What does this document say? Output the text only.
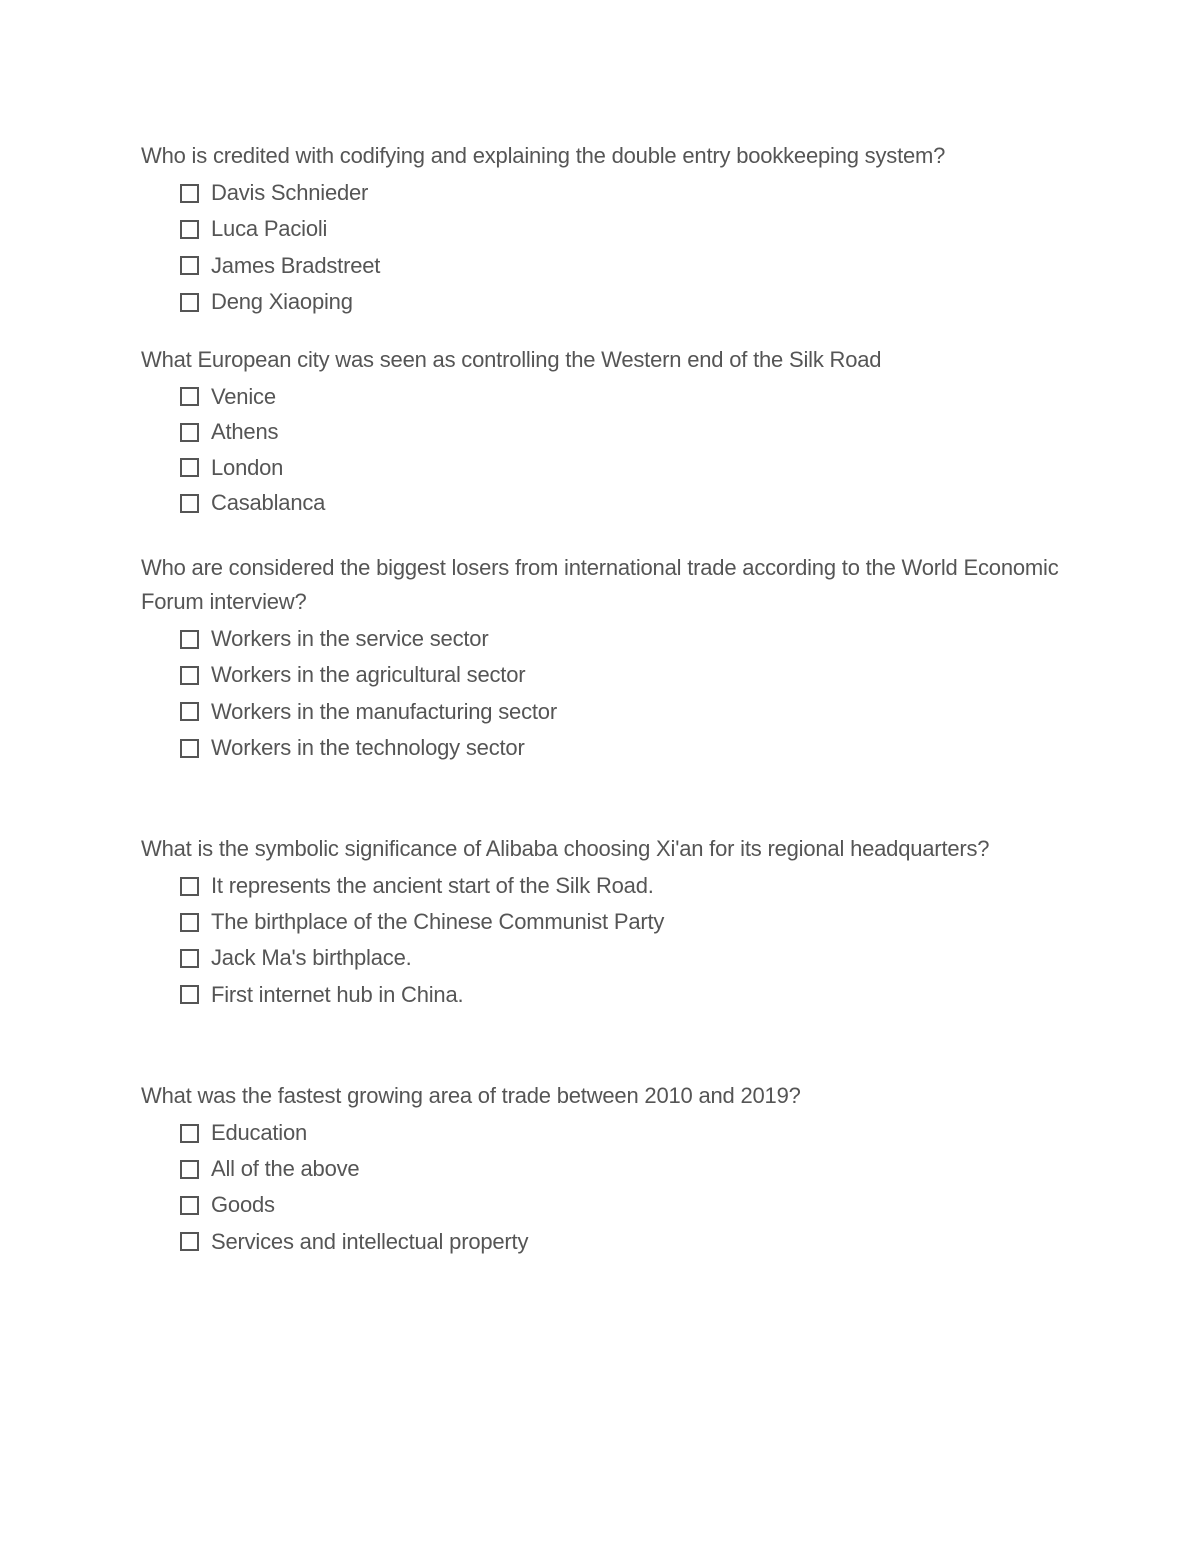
Who is credited with codifying and explaining the double entry bookkeeping system?

Davis Schnieder
Luca Pacioli
James Bradstreet
Deng Xiaoping

What European city was seen as controlling the Western end of the Silk Road

Venice
Athens
London
Casablanca

Who are considered the biggest losers from international trade according to the World Economic Forum interview?

Workers in the service sector
Workers in the agricultural sector
Workers in the manufacturing sector
Workers in the technology sector

What is the symbolic significance of Alibaba choosing Xi'an for its regional headquarters?

It represents the ancient start of the Silk Road.
The birthplace of the Chinese Communist Party
Jack Ma's birthplace.
First internet hub in China.

What was the fastest growing area of trade between 2010 and 2019?

Education
All of the above
Goods
Services and intellectual property
